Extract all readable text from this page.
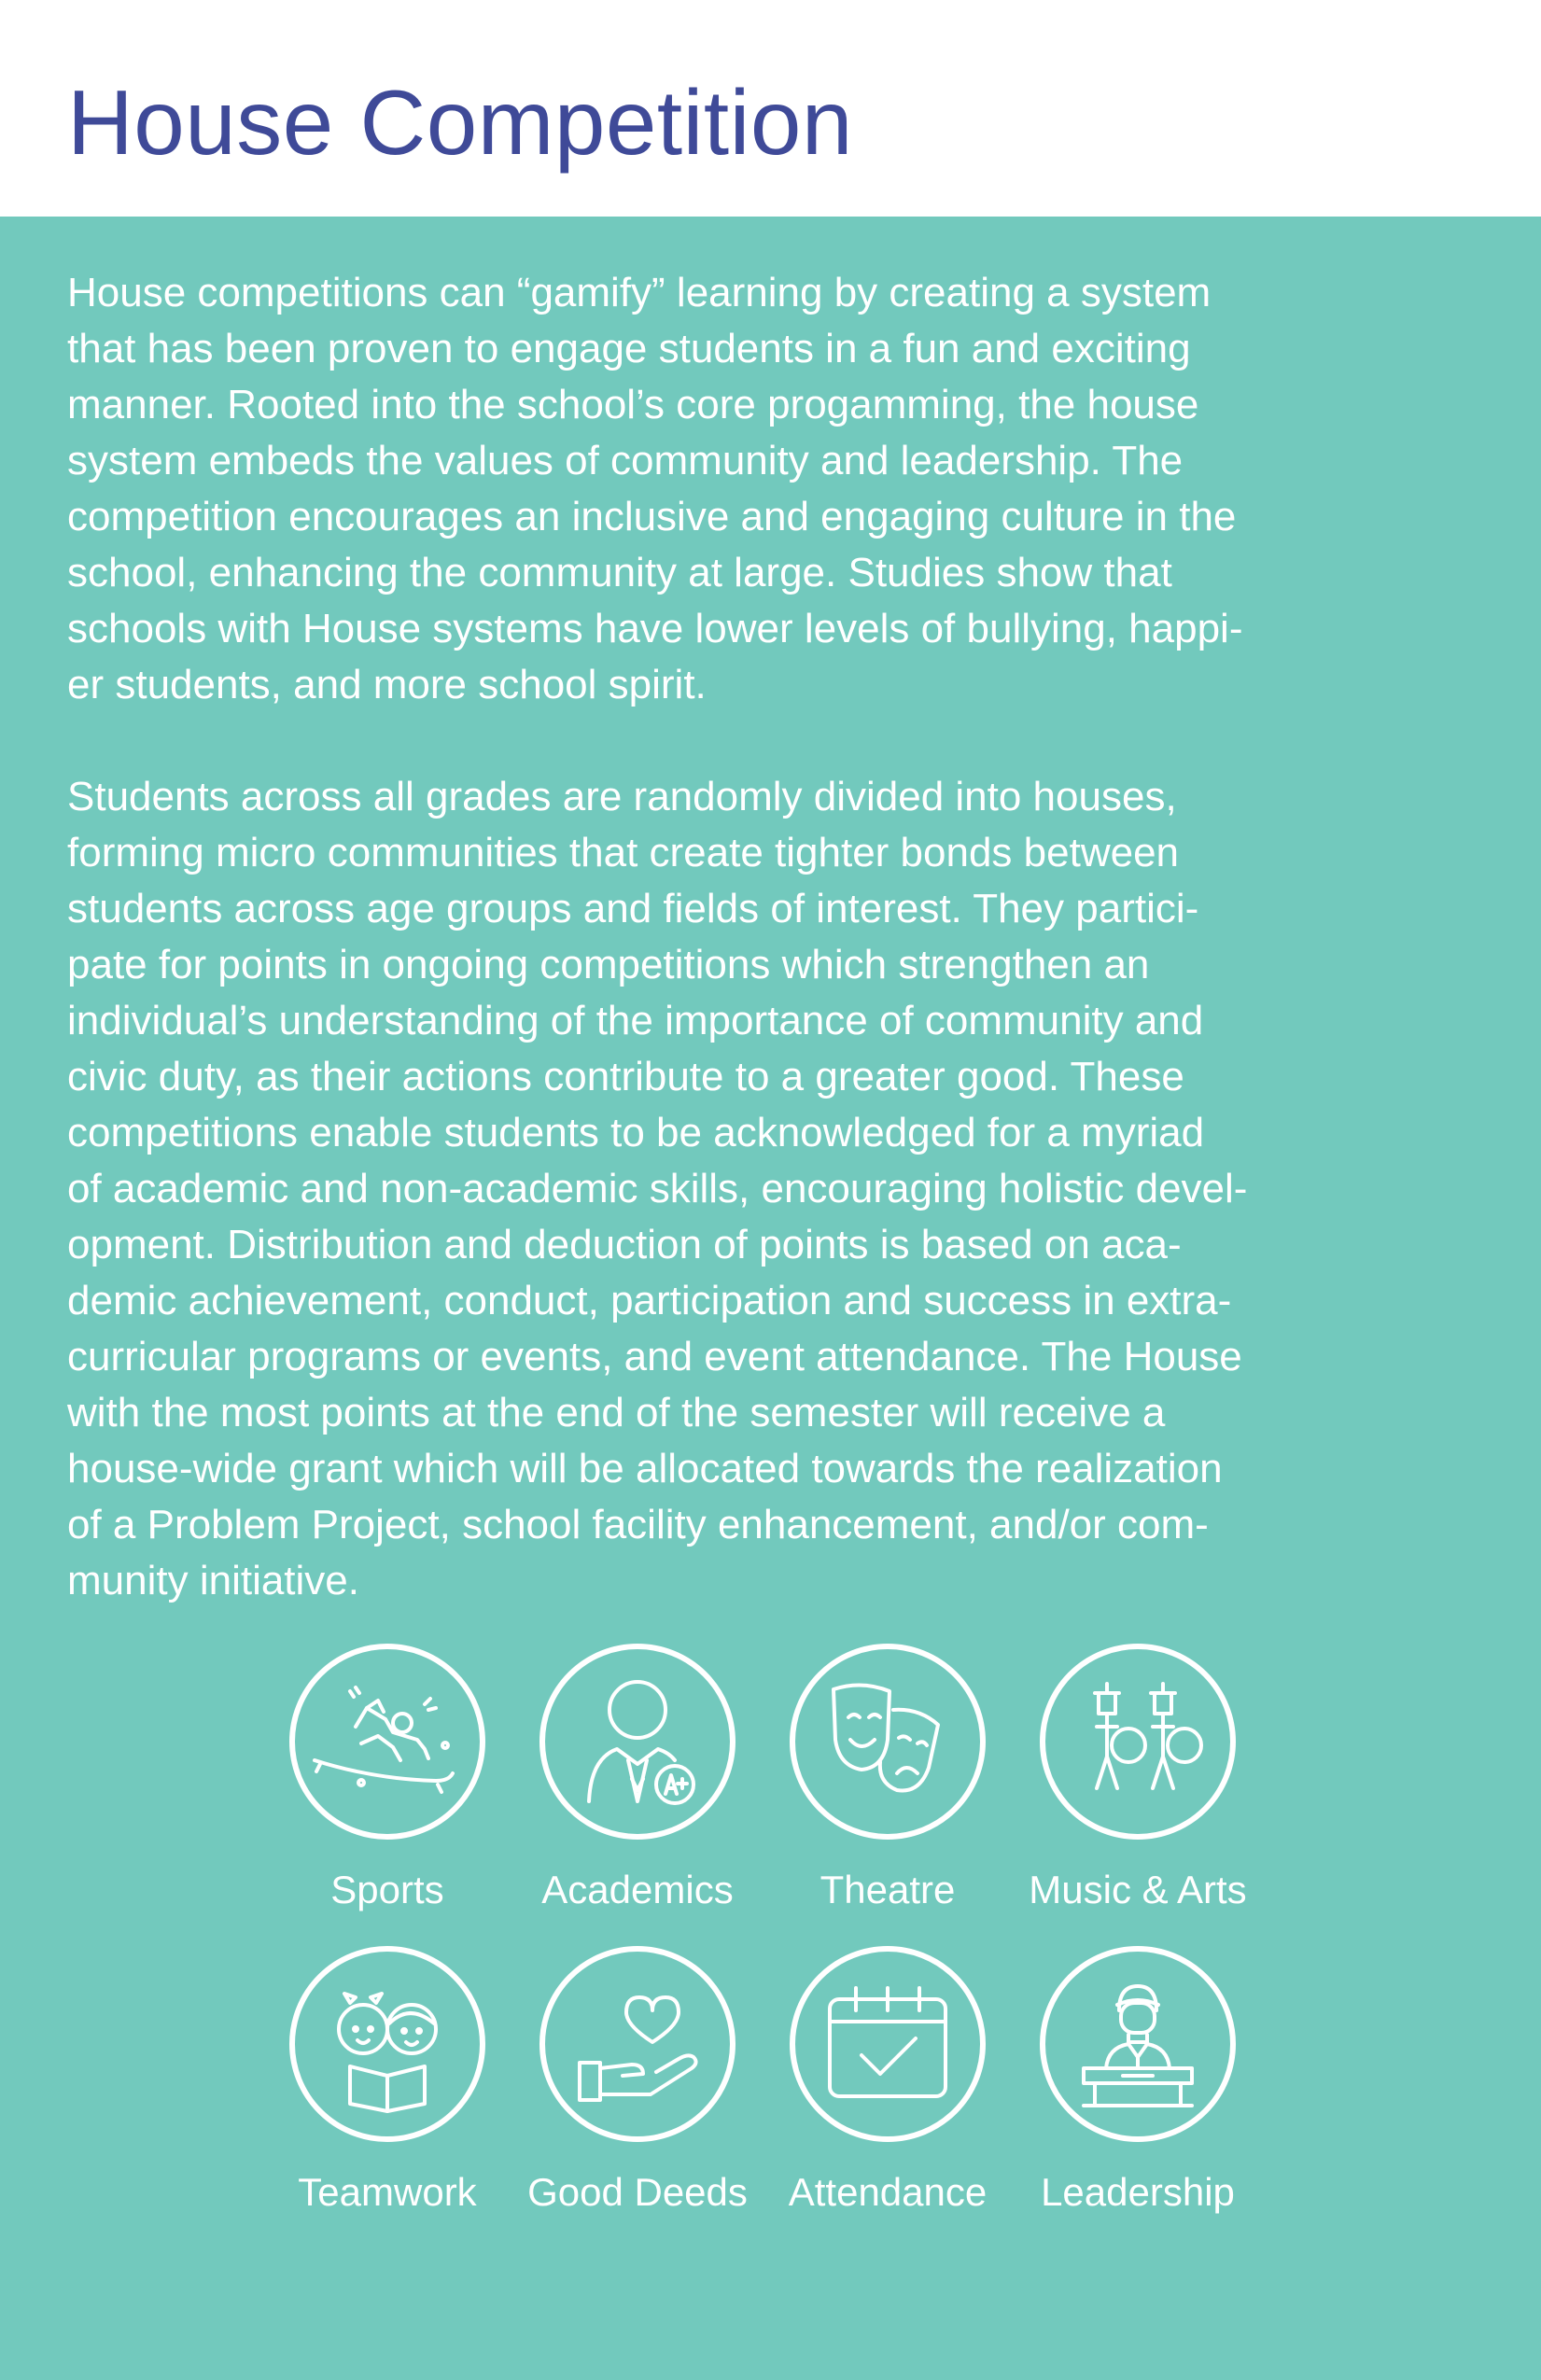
House Competition

House competitions can “gamify” learning by creating a system
that has been proven to engage students in a fun and exciting
manner. Rooted into the school’s core progamming, the house
system embeds the values of community and leadership. The
competition encourages an inclusive and engaging culture in the
school, enhancing the community at large. Studies show that
schools with House systems have lower levels of bullying, happi-
er students, and more school spirit.

Students across all grades are randomly divided into houses,
forming micro communities that create tighter bonds between
students across age groups and fields of interest. They partici-
pate for points in ongoing competitions which strengthen an
individual’s understanding of the importance of community and
civic duty, as their actions contribute to a greater good. These
competitions enable students to be acknowledged for a myriad
of academic and non-academic skills, encouraging holistic devel-
opment. Distribution and deduction of points is based on aca-
demic achievement, conduct, participation and success in extra-
curricular programs or events, and event attendance. The House
with the most points at the end of the semester will receive a
house-wide grant which will be allocated towards the realization
of a Problem Project, school facility enhancement, and/or com-
munity initiative.

Sports	Academics	Theatre	Music & Arts
Teamwork	Good Deeds	Attendance	Leadership
